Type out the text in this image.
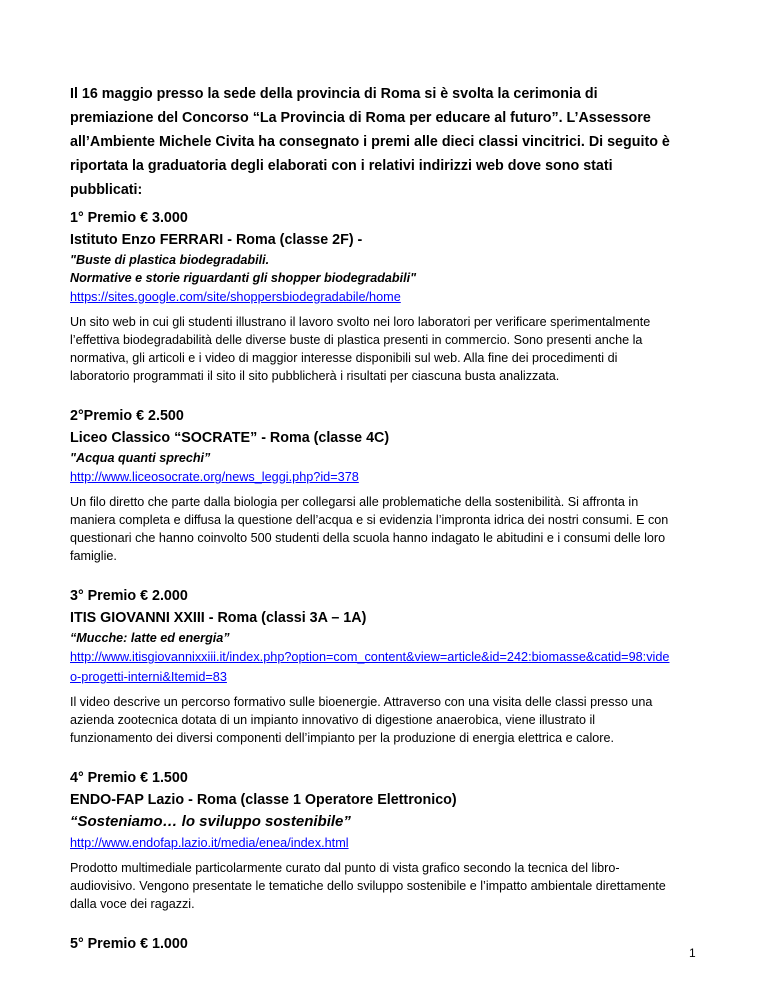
Il 16 maggio presso la sede della provincia di Roma si è svolta la cerimonia di premiazione del Concorso “La Provincia di Roma per educare al futuro”. L’Assessore all’Ambiente Michele Civita ha consegnato i premi alle dieci classi vincitrici. Di seguito è riportata la graduatoria degli elaborati con i relativi indirizzi web dove sono stati pubblicati:

1° Premio € 3.000

Istituto Enzo FERRARI - Roma (classe 2F) -

"Buste di plastica biodegradabili.

Normative e storie riguardanti gli shopper biodegradabili"

https://sites.google.com/site/shoppersbiodegradabile/home

Un sito web in cui gli studenti illustrano il lavoro svolto nei loro laboratori per verificare sperimentalmente l’effettiva biodegradabilità delle diverse buste di plastica presenti in commercio. Sono presenti anche la normativa, gli articoli e i video di maggior interesse disponibili sul web. Alla fine dei procedimenti di laboratorio programmati il sito il sito pubblicherà i risultati per ciascuna busta analizzata.

2°Premio € 2.500

Liceo Classico “SOCRATE” - Roma (classe 4C)

"Acqua quanti sprechi”

http://www.liceosocrate.org/news_leggi.php?id=378

Un filo diretto che parte dalla biologia per collegarsi alle problematiche della sostenibilità. Si affronta in maniera completa e diffusa la questione dell’acqua e si evidenzia l’impronta idrica dei nostri consumi. E con questionari che hanno coinvolto 500 studenti della scuola hanno indagato le abitudini e i consumi delle loro famiglie.

3° Premio € 2.000

ITIS GIOVANNI XXIII - Roma (classi 3A – 1A)

“Mucche: latte ed energia”

http://www.itisgiovannixxiii.it/index.php?option=com_content&view=article&id=242:biomasse&catid=98:video-progetti-interni&Itemid=83

Il video descrive un percorso formativo sulle bioenergie. Attraverso con una visita delle classi presso una azienda zootecnica dotata di un impianto innovativo di digestione anaerobica, viene illustrato il funzionamento dei diversi componenti dell’impianto per la produzione di energia elettrica e calore.

4° Premio € 1.500

ENDO-FAP Lazio - Roma (classe 1 Operatore Elettronico)

“Sosteniamo… lo sviluppo sostenibile”

http://www.endofap.lazio.it/media/enea/index.html

Prodotto multimediale particolarmente curato dal punto di vista grafico secondo la tecnica del libro-audiovisivo. Vengono presentate le tematiche dello sviluppo sostenibile e l’impatto ambientale direttamente dalla voce dei ragazzi.

5° Premio € 1.000

1
